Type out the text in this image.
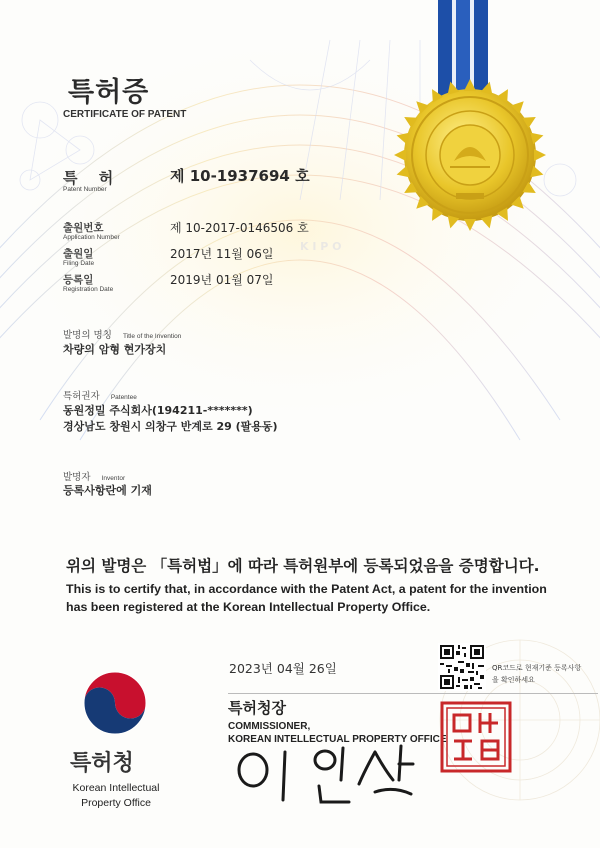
K I P O
특허증
CERTIFICATE OF PATENT
특 허
Patent Number
제 10-1937694 호
출원번호
Application Number
제 10-2017-0146506 호
출원일
Filing Date
2017년 11월 06일
등록일
Registration Date
2019년 01월 07일
발명의 명칭 Title of the Invention
차량의 암형 현가장치
특허권자 Patentee
동원정밀 주식회사(194211-*******)
경상남도 창원시 의창구 반계로 29 (팔용동)
발명자 Inventor
등록사항란에 기재
위의 발명은 「특허법」에 따라 특허원부에 등록되었음을 증명합니다.
This is to certify that, in accordance with the Patent Act, a patent for the invention has been registered at the Korean Intellectual Property Office.
2023년 04월 26일	QR코드로 현재기준 등록사항을 확인하세요
특허청장
COMMISSIONER,
KOREAN INTELLECTUAL PROPERTY OFFICE
특허청
Korean Intellectual Property Office
